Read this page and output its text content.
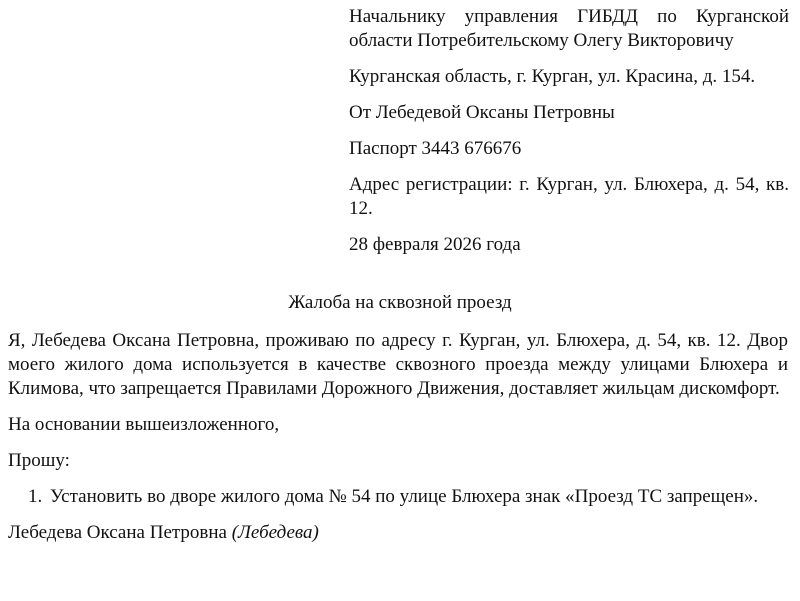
Начальнику управления ГИБДД по Курганской области Потребительскому Олегу Викторовичу

Курганская область, г. Курган, ул. Красина, д. 154.

От Лебедевой Оксаны Петровны

Паспорт 3443 676676

Адрес регистрации: г. Курган, ул. Блюхера, д. 54, кв. 12.

28 февраля 2026 года

Жалоба на сквозной проезд

Я, Лебедева Оксана Петровна, проживаю по адресу г. Курган, ул. Блюхера, д. 54, кв. 12. Двор моего жилого дома используется в качестве сквозного проезда между улицами Блюхера и Климова, что запрещается Правилами Дорожного Движения, доставляет жильцам дискомфорт.

На основании вышеизложенного,

Прошу:

1. Установить во дворе жилого дома № 54 по улице Блюхера знак «Проезд ТС запрещен».

Лебедева Оксана Петровна (Лебедева)
